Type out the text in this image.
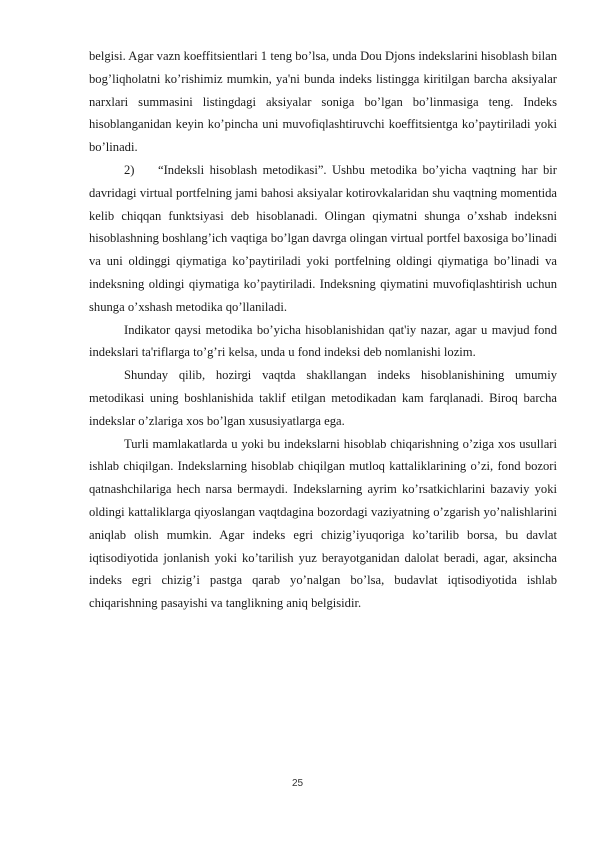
belgisi. Agar vazn koeffitsientlari 1 teng bo’lsa, unda Dou Djons indekslarini hisoblash bilan bog’liqholatni ko’rishimiz mumkin, ya'ni bunda indeks listingga kiritilgan barcha aksiyalar narxlari summasini listingdagi aksiyalar soniga bo’lgan bo’linmasiga teng. Indeks hisoblanganidan keyin ko’pincha uni muvofiqlashtiruvchi koeffitsientga ko’paytiriladi yoki bo’linadi.

2) “Indeksli hisoblash metodikasi”. Ushbu metodika bo’yicha vaqtning har bir davridagi virtual portfelning jami bahosi aksiyalar kotirovkalaridan shu vaqtning momentida kelib chiqqan funktsiyasi deb hisoblanadi. Olingan qiymatni shunga o’xshab indeksni hisoblashning boshlang’ich vaqtiga bo’lgan davrga olingan virtual portfel baxosiga bo’linadi va uni oldinggi qiymatiga ko’paytiriladi yoki portfelning oldingi qiymatiga bo’linadi va indeksning oldingi qiymatiga ko’paytiriladi. Indeksning qiymatini muvofiqlashtirish uchun shunga o’xshash metodika qo’llaniladi.

Indikator qaysi metodika bo’yicha hisoblanishidan qat'iy nazar, agar u mavjud fond indekslari ta'riflarga to’g’ri kelsa, unda u fond indeksi deb nomlanishi lozim.

Shunday qilib, hozirgi vaqtda shakllangan indeks hisoblanishining umumiy metodikasi uning boshlanishida taklif etilgan metodikadan kam farqlanadi. Biroq barcha indekslar o’zlariga xos bo’lgan xususiyatlarga ega.

Turli mamlakatlarda u yoki bu indekslarni hisoblab chiqarishning o’ziga xos usullari ishlab chiqilgan. Indekslarning hisoblab chiqilgan mutloq kattaliklarining o’zi, fond bozori qatnashchilariga hech narsa bermaydi. Indekslarning ayrim ko’rsatkichlarini bazaviy yoki oldingi kattaliklarga qiyoslangan vaqtdagina bozordagi vaziyatning o’zgarish yo’nalishlarini aniqlab olish mumkin. Agar indeks egri chizig’iyuqoriga ko’tarilib borsa, bu davlat iqtisodiyotida jonlanish yoki ko’tarilish yuz berayotganidan dalolat beradi, agar, aksincha indeks egri chizig’i pastga qarab yo’nalgan bo’lsa, budavlat iqtisodiyotida ishlab chiqarishning pasayishi va tanglikning aniq belgisidir.

25
